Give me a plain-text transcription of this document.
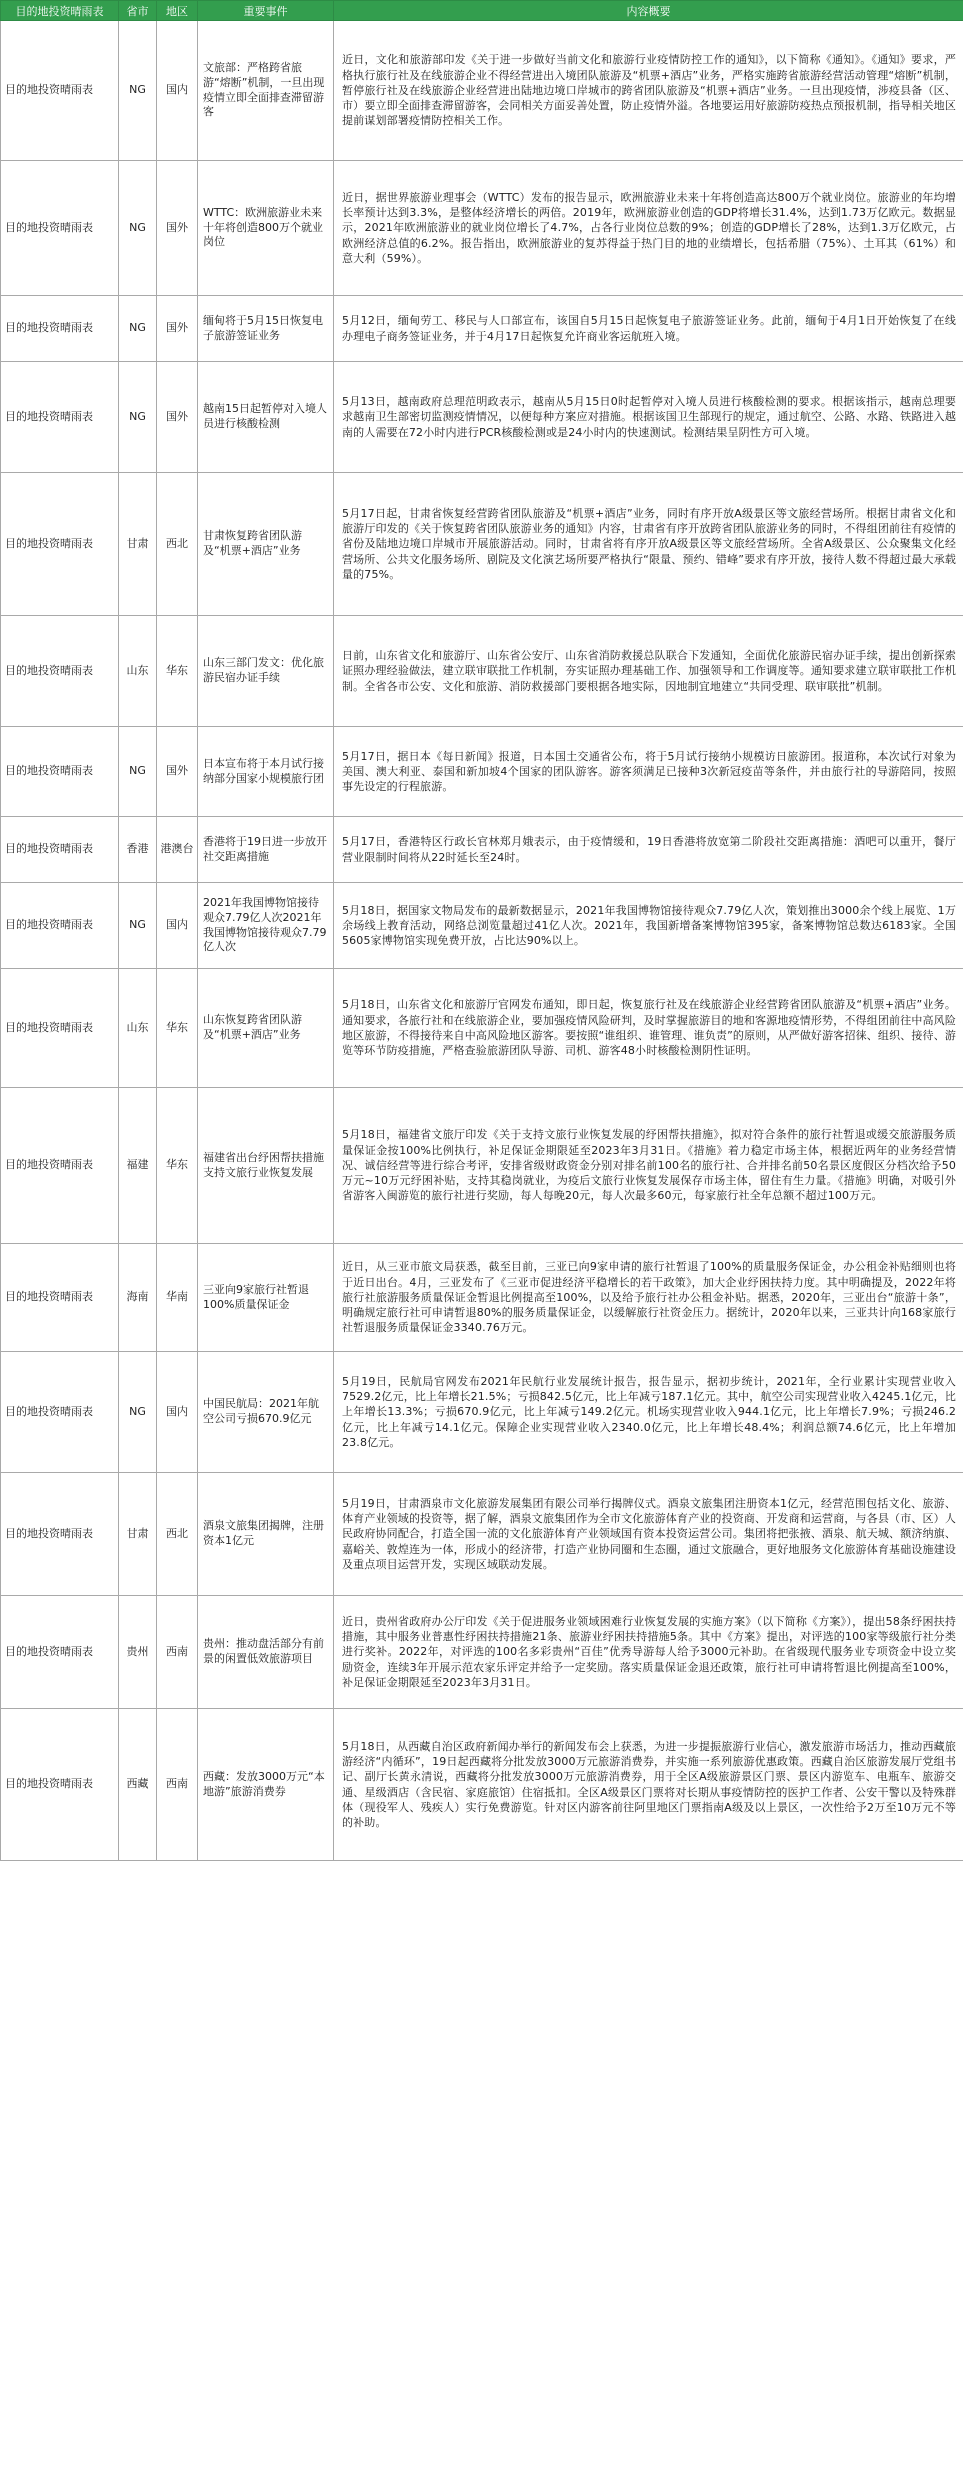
目的地投资晴雨表	省市	地区	重要事件	内容概要
目的地投资晴雨表	NG	国内	文旅部：严格跨省旅游“熔断”机制，一旦出现疫情立即全面排查滞留游客	近日，文化和旅游部印发《关于进一步做好当前文化和旅游行业疫情防控工作的通知》，以下简称《通知》。《通知》要求，严格执行旅行社及在线旅游企业不得经营进出入境团队旅游及“机票+酒店”业务，严格实施跨省旅游经营活动管理“熔断”机制，暂停旅行社及在线旅游企业经营进出陆地边境口岸城市的跨省团队旅游及“机票+酒店”业务。一旦出现疫情，涉疫县备（区、市）要立即全面排查滞留游客，会同相关方面妥善处置，防止疫情外溢。各地要运用好旅游防疫热点预报机制，指导相关地区提前谋划部署疫情防控相关工作。
目的地投资晴雨表	NG	国外	WTTC：欧洲旅游业未来十年将创造800万个就业岗位	近日，据世界旅游业理事会（WTTC）发布的报告显示，欧洲旅游业未来十年将创造高达800万个就业岗位。旅游业的年均增长率预计达到3.3%，是整体经济增长的两倍。2019年，欧洲旅游业创造的GDP将增长31.4%，达到1.73万亿欧元。数据显示，2021年欧洲旅游业的就业岗位增长了4.7%，占各行业岗位总数的9%；创造的GDP增长了28%，达到1.3万亿欧元，占欧洲经济总值的6.2%。报告指出，欧洲旅游业的复苏得益于热门目的地的业绩增长，包括希腊（75%）、土耳其（61%）和意大利（59%）。
目的地投资晴雨表	NG	国外	缅甸将于5月15日恢复电子旅游签证业务	5月12日，缅甸劳工、移民与人口部宣布，该国自5月15日起恢复电子旅游签证业务。此前，缅甸于4月1日开始恢复了在线办理电子商务签证业务，并于4月17日起恢复允许商业客运航班入境。
目的地投资晴雨表	NG	国外	越南15日起暂停对入境人员进行核酸检测	5月13日，越南政府总理范明政表示，越南从5月15日0时起暂停对入境人员进行核酸检测的要求。根据该指示，越南总理要求越南卫生部密切监测疫情情况，以便每种方案应对措施。根据该国卫生部现行的规定，通过航空、公路、水路、铁路进入越南的人需要在72小时内进行PCR核酸检测或是24小时内的快速测试。检测结果呈阴性方可入境。
目的地投资晴雨表	甘肃	西北	甘肃恢复跨省团队游及“机票+酒店”业务	5月17日起，甘肃省恢复经营跨省团队旅游及“机票+酒店”业务，同时有序开放A级景区等文旅经营场所。根据甘肃省文化和旅游厅印发的《关于恢复跨省团队旅游业务的通知》内容，甘肃省有序开放跨省团队旅游业务的同时，不得组团前往有疫情的省份及陆地边境口岸城市开展旅游活动。同时，甘肃省将有序开放A级景区等文旅经营场所。全省A级景区、公众聚集文化经营场所、公共文化服务场所、剧院及文化演艺场所要严格执行“限量、预约、错峰”要求有序开放，接待人数不得超过最大承载量的75%。
目的地投资晴雨表	山东	华东	山东三部门发文：优化旅游民宿办证手续	日前，山东省文化和旅游厅、山东省公安厅、山东省消防救援总队联合下发通知，全面优化旅游民宿办证手续，提出创新探索证照办理经验做法，建立联审联批工作机制，夯实证照办理基础工作、加强领导和工作调度等。通知要求建立联审联批工作机制。全省各市公安、文化和旅游、消防救援部门要根据各地实际，因地制宜地建立“共同受理、联审联批”机制。
目的地投资晴雨表	NG	国外	日本宣布将于本月试行接纳部分国家小规模旅行团	5月17日，据日本《每日新闻》报道，日本国土交通省公布，将于5月试行接纳小规模访日旅游团。报道称，本次试行对象为美国、澳大利亚、泰国和新加坡4个国家的团队游客。游客须满足已接种3次新冠疫苗等条件，并由旅行社的导游陪同，按照事先设定的行程旅游。
目的地投资晴雨表	香港	港澳台	香港将于19日进一步放开社交距离措施	5月17日，香港特区行政长官林郑月娥表示，由于疫情缓和，19日香港将放宽第二阶段社交距离措施：酒吧可以重开，餐厅营业限制时间将从22时延长至24时。
目的地投资晴雨表	NG	国内	2021年我国博物馆接待观众7.79亿人次2021年我国博物馆接待观众7.79亿人次	5月18日，据国家文物局发布的最新数据显示，2021年我国博物馆接待观众7.79亿人次，策划推出3000余个线上展览、1万余场线上教育活动，网络总浏览量超过41亿人次。2021年，我国新增备案博物馆395家，备案博物馆总数达6183家。全国5605家博物馆实现免费开放，占比达90%以上。
目的地投资晴雨表	山东	华东	山东恢复跨省团队游及“机票+酒店”业务	5月18日，山东省文化和旅游厅官网发布通知，即日起，恢复旅行社及在线旅游企业经营跨省团队旅游及“机票+酒店”业务。通知要求，各旅行社和在线旅游企业，要加强疫情风险研判，及时掌握旅游目的地和客源地疫情形势，不得组团前往中高风险地区旅游，不得接待来自中高风险地区游客。要按照“谁组织、谁管理、谁负责”的原则，从严做好游客招徕、组织、接待、游览等环节防疫措施，严格查验旅游团队导游、司机、游客48小时核酸检测阴性证明。
目的地投资晴雨表	福建	华东	福建省出台纾困帮扶措施支持文旅行业恢复发展	5月18日，福建省文旅厅印发《关于支持文旅行业恢复发展的纾困帮扶措施》，拟对符合条件的旅行社暂退或缓交旅游服务质量保证金按100%比例执行，补足保证金期限延至2023年3月31日。《措施》着力稳定市场主体，根据近两年的业务经营情况、诚信经营等进行综合考评，安排省级财政资金分别对排名前100名的旅行社、合并排名前50名景区度假区分档次给予50万元~10万元纾困补贴，支持其稳岗就业，为疫后文旅行业恢复发展保存市场主体，留住有生力量。《措施》明确，对吸引外省游客入闽游览的旅行社进行奖励，每人每晚20元，每人次最多60元，每家旅行社全年总额不超过100万元。
目的地投资晴雨表	海南	华南	三亚向9家旅行社暂退100%质量保证金	近日，从三亚市旅文局获悉，截至目前，三亚已向9家申请的旅行社暂退了100%的质量服务保证金，办公租金补贴细则也将于近日出台。4月，三亚发布了《三亚市促进经济平稳增长的若干政策》，加大企业纾困扶持力度。其中明确提及，2022年将旅行社旅游服务质量保证金暂退比例提高至100%，以及给予旅行社办公租金补贴。据悉，2020年，三亚出台“旅游十条”，明确规定旅行社可申请暂退80%的服务质量保证金，以缓解旅行社资金压力。据统计，2020年以来，三亚共计向168家旅行社暂退服务质量保证金3340.76万元。
目的地投资晴雨表	NG	国内	中国民航局：2021年航空公司亏损670.9亿元	5月19日，民航局官网发布2021年民航行业发展统计报告，报告显示，据初步统计，2021年，全行业累计实现营业收入7529.2亿元，比上年增长21.5%；亏损842.5亿元，比上年减亏187.1亿元。其中，航空公司实现营业收入4245.1亿元，比上年增长13.3%；亏损670.9亿元，比上年减亏149.2亿元。机场实现营业收入944.1亿元，比上年增长7.9%；亏损246.2亿元，比上年减亏14.1亿元。保障企业实现营业收入2340.0亿元，比上年增长48.4%；利润总额74.6亿元，比上年增加23.8亿元。
目的地投资晴雨表	甘肃	西北	酒泉文旅集团揭牌，注册资本1亿元	5月19日，甘肃酒泉市文化旅游发展集团有限公司举行揭牌仪式。酒泉文旅集团注册资本1亿元，经营范围包括文化、旅游、体育产业领域的投资等，据了解，酒泉文旅集团作为全市文化旅游体育产业的投资商、开发商和运营商，与各县（市、区）人民政府协同配合，打造全国一流的文化旅游体育产业领域国有资本投资运营公司。集团将把张掖、酒泉、航天城、额济纳旗、嘉峪关、敦煌连为一体，形成小的经济带，打造产业协同圈和生态圈，通过文旅融合，更好地服务文化旅游体育基础设施建设及重点项目运营开发，实现区域联动发展。
目的地投资晴雨表	贵州	西南	贵州：推动盘活部分有前景的闲置低效旅游项目	近日，贵州省政府办公厅印发《关于促进服务业领域困难行业恢复发展的实施方案》（以下简称《方案》），提出58条纾困扶持措施，其中服务业普惠性纾困扶持措施21条、旅游业纾困扶持措施5条。其中《方案》提出，对评选的100家等级旅行社分类进行奖补。2022年，对评选的100名多彩贵州“百佳”优秀导游每人给予3000元补助。在省级现代服务业专项资金中设立奖励资金，连续3年开展示范农家乐评定并给予一定奖励。落实质量保证金退还政策，旅行社可申请将暂退比例提高至100%，补足保证金期限延至2023年3月31日。
目的地投资晴雨表	西藏	西南	西藏：发放3000万元“本地游”旅游消费券	5月18日，从西藏自治区政府新闻办举行的新闻发布会上获悉，为进一步提振旅游行业信心，激发旅游市场活力，推动西藏旅游经济“内循环”，19日起西藏将分批发放3000万元旅游消费券，并实施一系列旅游优惠政策。西藏自治区旅游发展厅党组书记、副厅长黄永清说，西藏将分批发放3000万元旅游消费券，用于全区A级旅游景区门票、景区内游览车、电瓶车、旅游交通、星级酒店（含民宿、家庭旅馆）住宿抵扣。全区A级景区门票将对长期从事疫情防控的医护工作者、公安干警以及特殊群体（现役军人、残疾人）实行免费游览。针对区内游客前往阿里地区门票指南A级及以上景区，一次性给予2万至10万元不等的补助。
